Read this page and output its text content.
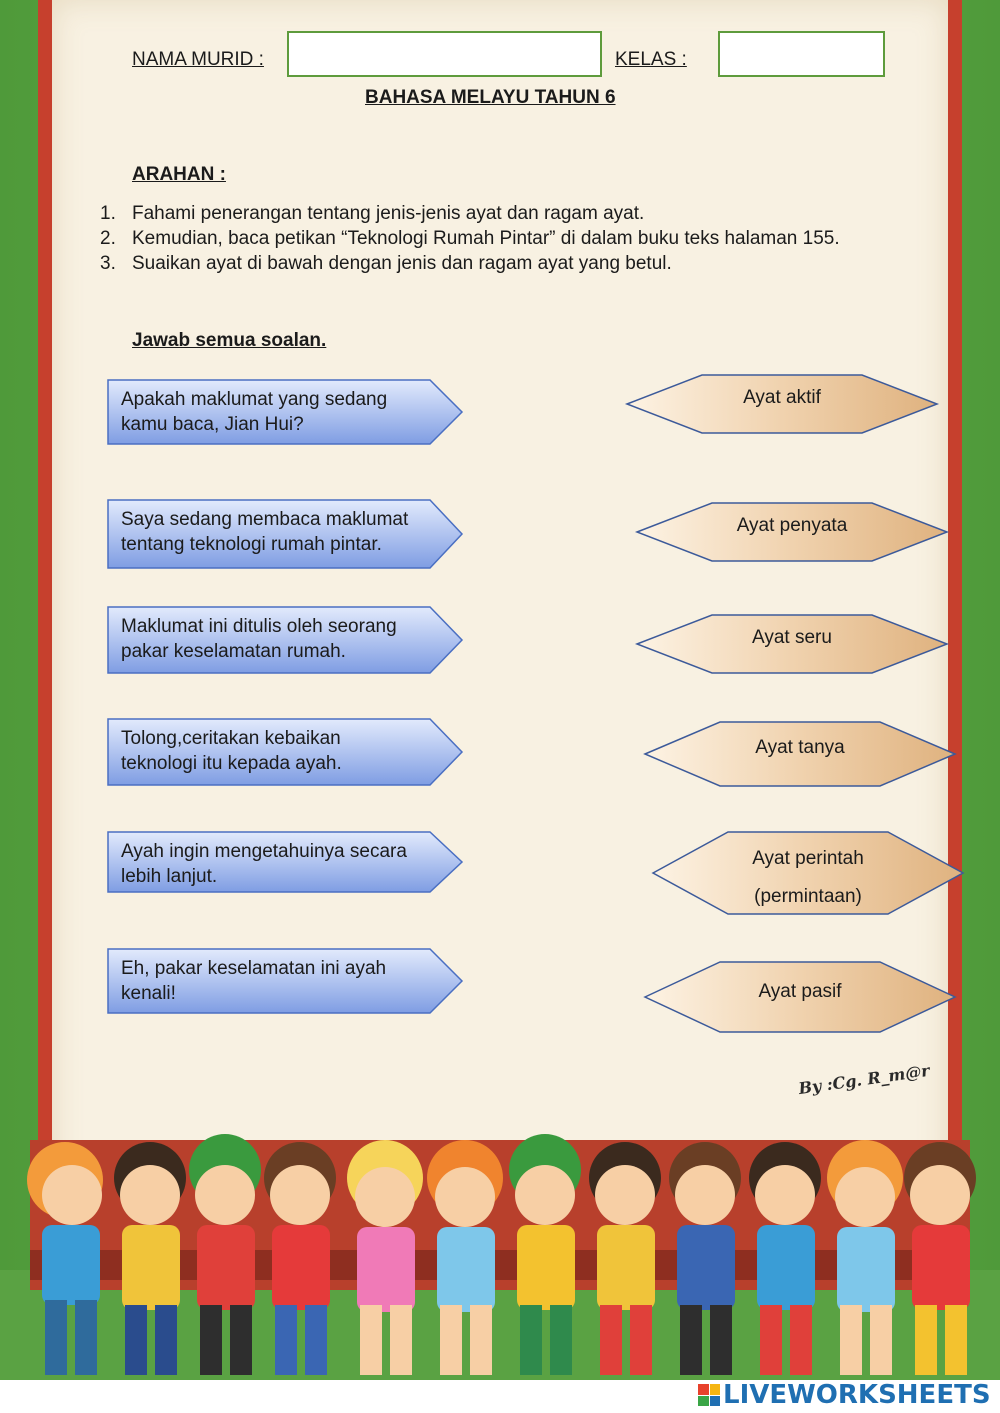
NAMA MURID :	KELAS :
BAHASA MELAYU TAHUN 6
ARAHAN :
1. Fahami penerangan tentang jenis-jenis ayat dan ragam ayat.
2. Kemudian, baca petikan “Teknologi Rumah Pintar” di dalam buku teks halaman 155.
3. Suaikan ayat di bawah dengan jenis dan ragam ayat yang betul.
Jawab semua soalan.
Apakah maklumat yang sedang
kamu baca, Jian Hui?
Saya sedang membaca maklumat
tentang teknologi rumah pintar.
Maklumat ini ditulis oleh seorang
pakar keselamatan rumah.
Tolong,ceritakan kebaikan
teknologi itu kepada ayah.
Ayah ingin mengetahuinya secara
lebih lanjut.
Eh, pakar keselamatan ini ayah
kenali!
Ayat aktif
Ayat penyata
Ayat seru
Ayat tanya
Ayat perintah
(permintaan)
Ayat pasif
By :Cg. R_m@r
LIVEWORKSHEETS
